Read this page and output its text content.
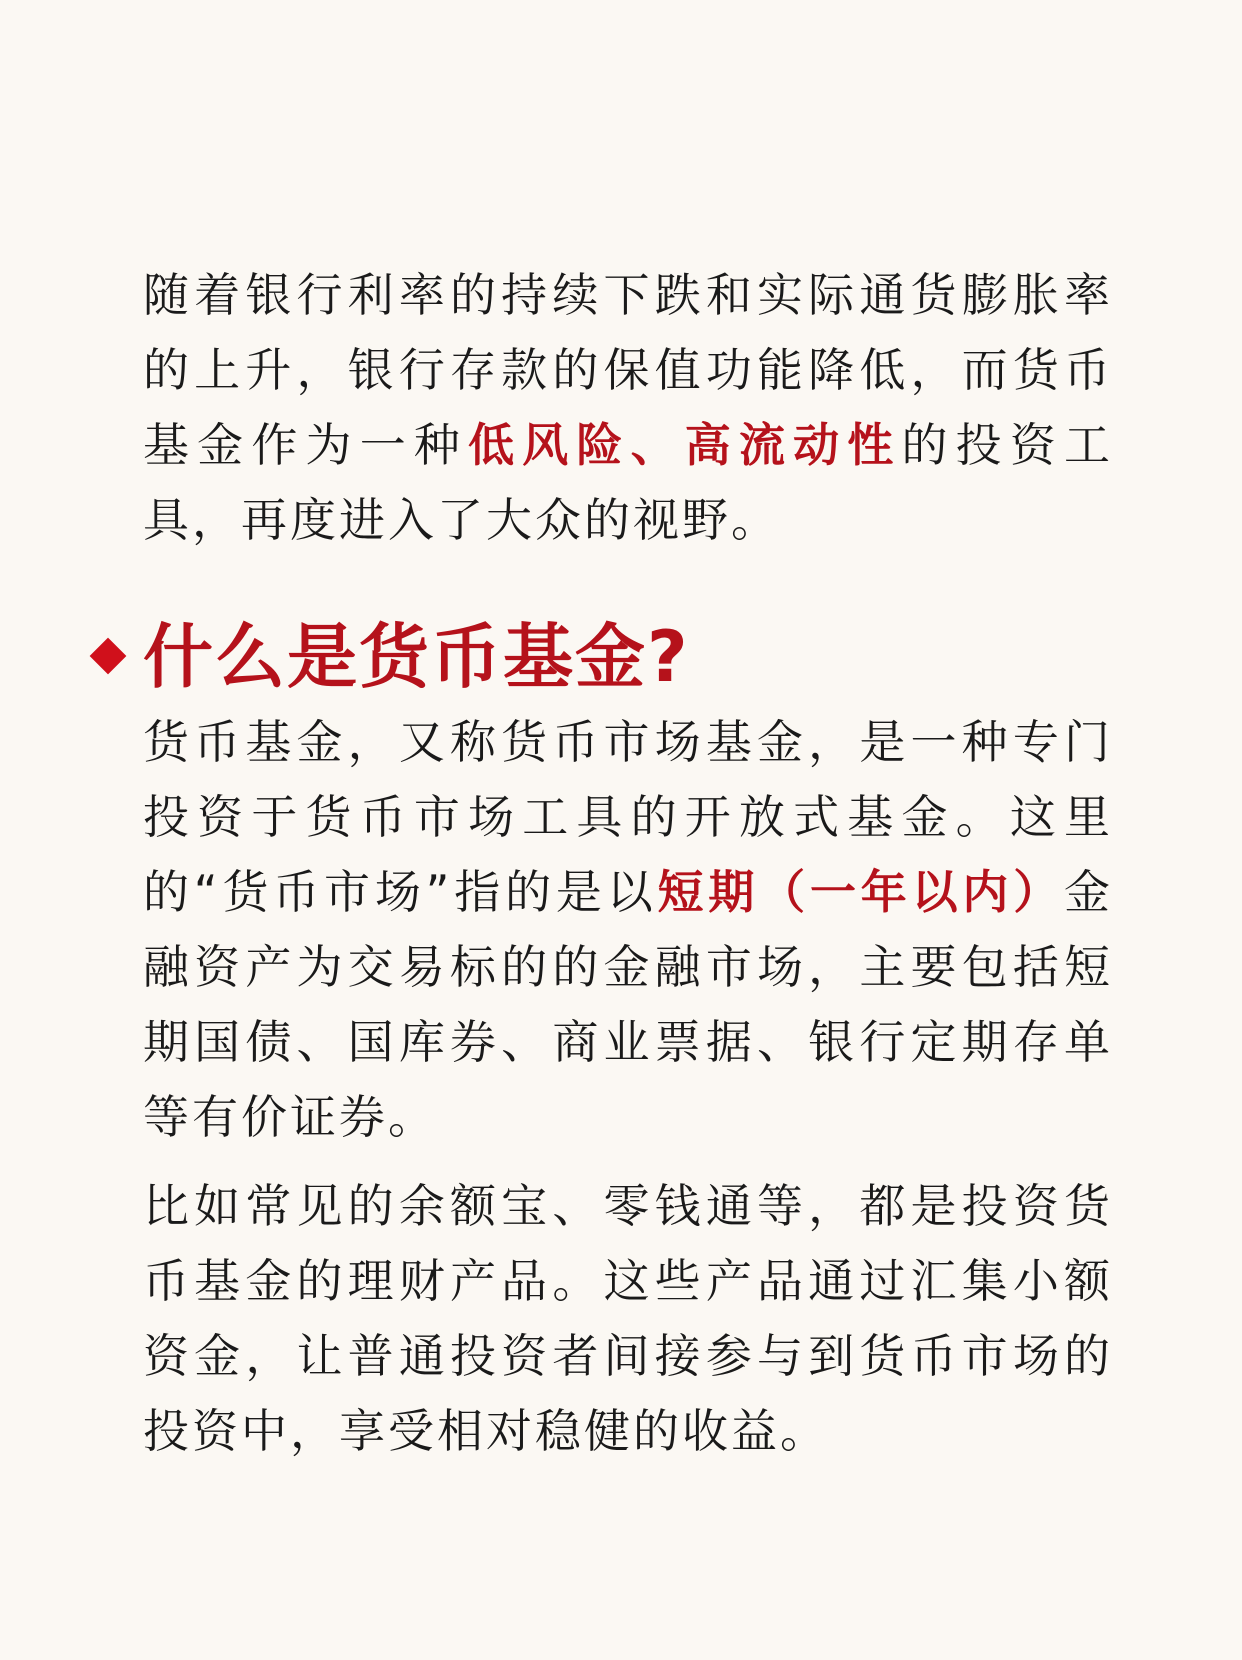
随着银行利率的持续下跌和实际通货膨胀率的上升，银行存款的保值功能降低，而货币基金作为一种低风险、高流动性的投资工具，再度进入了大众的视野。

什么是货币基金?

货币基金，又称货币市场基金，是一种专门投资于货币市场工具的开放式基金。这里的“货币市场”指的是以短期（一年以内）金融资产为交易标的的金融市场，主要包括短期国债、国库券、商业票据、银行定期存单等有价证券。

比如常见的余额宝、零钱通等，都是投资货币基金的理财产品。这些产品通过汇集小额资金，让普通投资者间接参与到货币市场的投资中，享受相对稳健的收益。
